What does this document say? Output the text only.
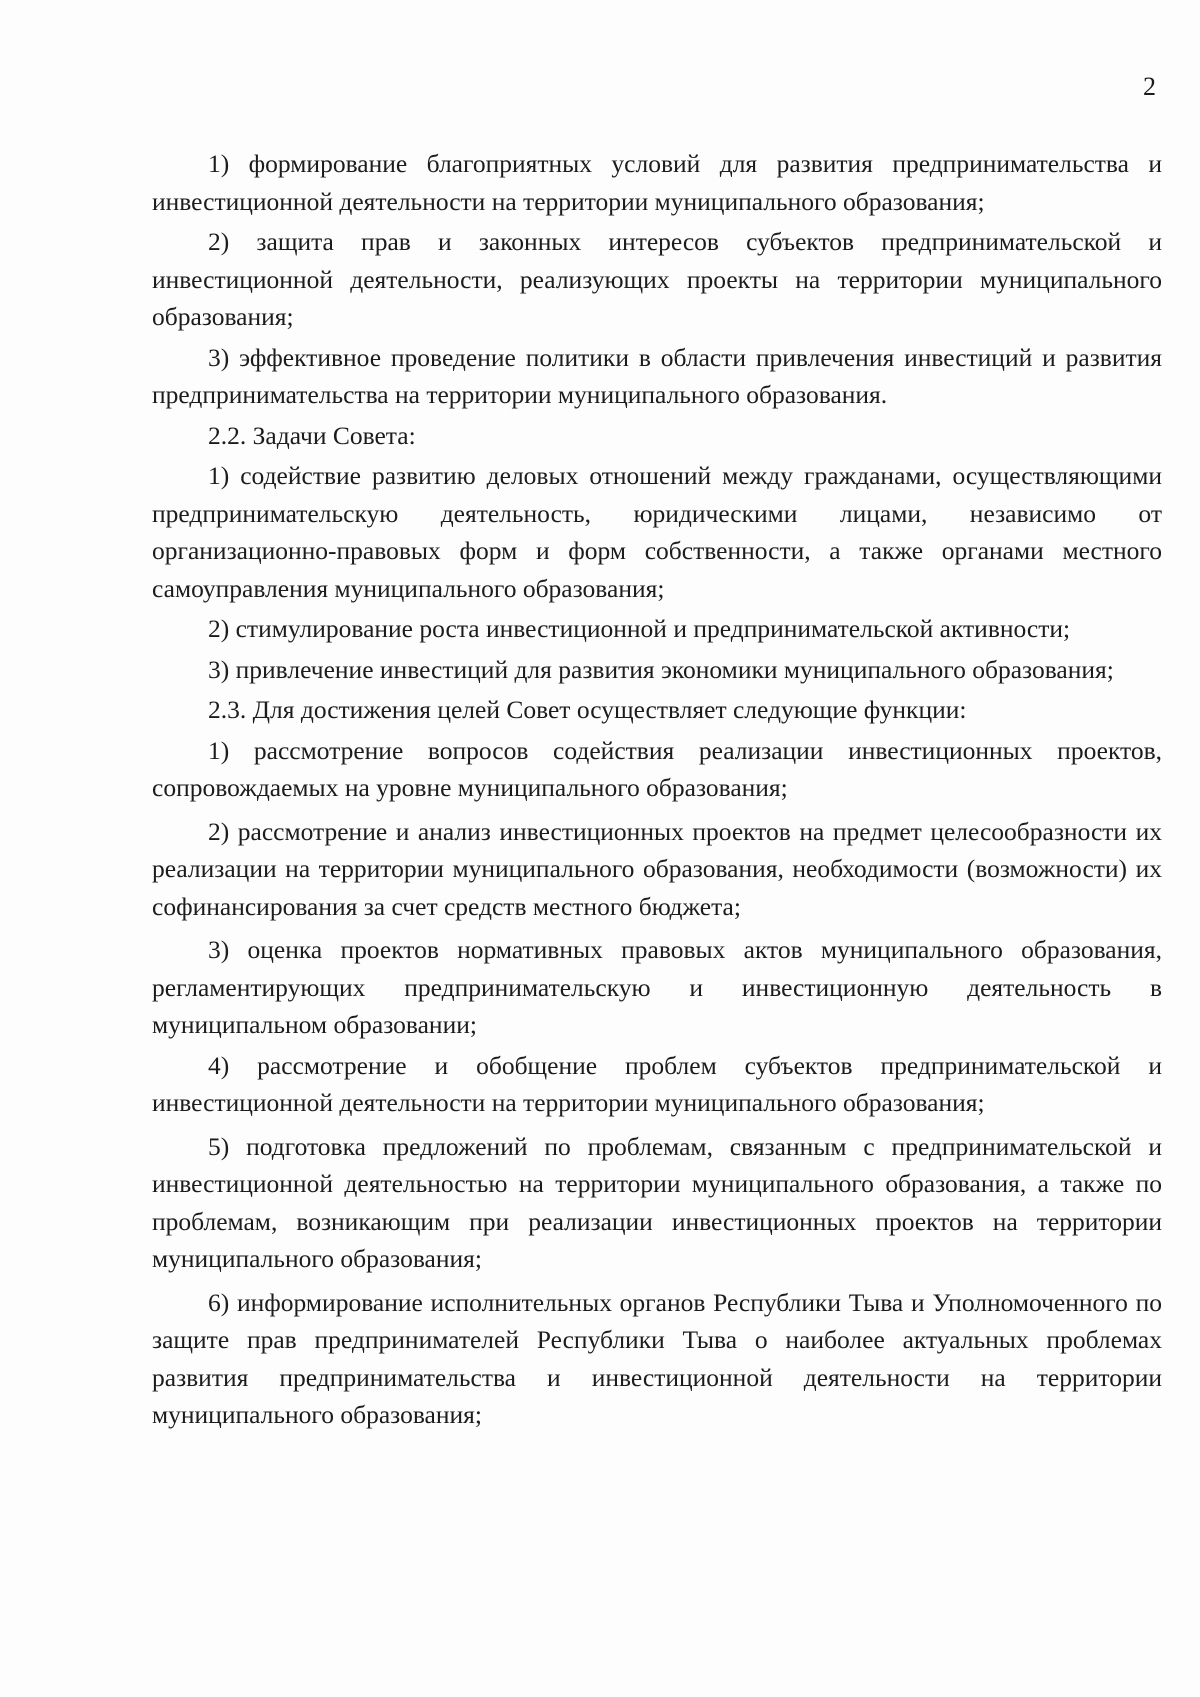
2

1) формирование благоприятных условий для развития предпринимательства и инвестиционной деятельности на территории муниципального образования;

2) защита прав и законных интересов субъектов предпринимательской и инвестиционной деятельности, реализующих проекты на территории муниципального образования;

3) эффективное проведение политики в области привлечения инвестиций и развития предпринимательства на территории муниципального образования.

2.2. Задачи Совета:

1) содействие развитию деловых отношений между гражданами, осуществляющими предпринимательскую деятельность, юридическими лицами, независимо от организационно-правовых форм и форм собственности, а также органами местного самоуправления муниципального образования;

2) стимулирование роста инвестиционной и предпринимательской активности;

3) привлечение инвестиций для развития экономики муниципального образования;

2.3. Для достижения целей Совет осуществляет следующие функции:

1) рассмотрение вопросов содействия реализации инвестиционных проектов, сопровождаемых на уровне муниципального образования;

2) рассмотрение и анализ инвестиционных проектов на предмет целесообразности их реализации на территории муниципального образования, необходимости (возможности) их софинансирования за счет средств местного бюджета;

3) оценка проектов нормативных правовых актов муниципального образования, регламентирующих предпринимательскую и инвестиционную деятельность в муниципальном образовании;

4) рассмотрение и обобщение проблем субъектов предпринимательской и инвестиционной деятельности на территории муниципального образования;

5) подготовка предложений по проблемам, связанным с предпринимательской и инвестиционной деятельностью на территории муниципального образования, а также по проблемам, возникающим при реализации инвестиционных проектов на территории муниципального образования;

6) информирование исполнительных органов Республики Тыва и Уполномоченного по защите прав предпринимателей Республики Тыва о наиболее актуальных проблемах развития предпринимательства и инвестиционной деятельности на территории муниципального образования;
